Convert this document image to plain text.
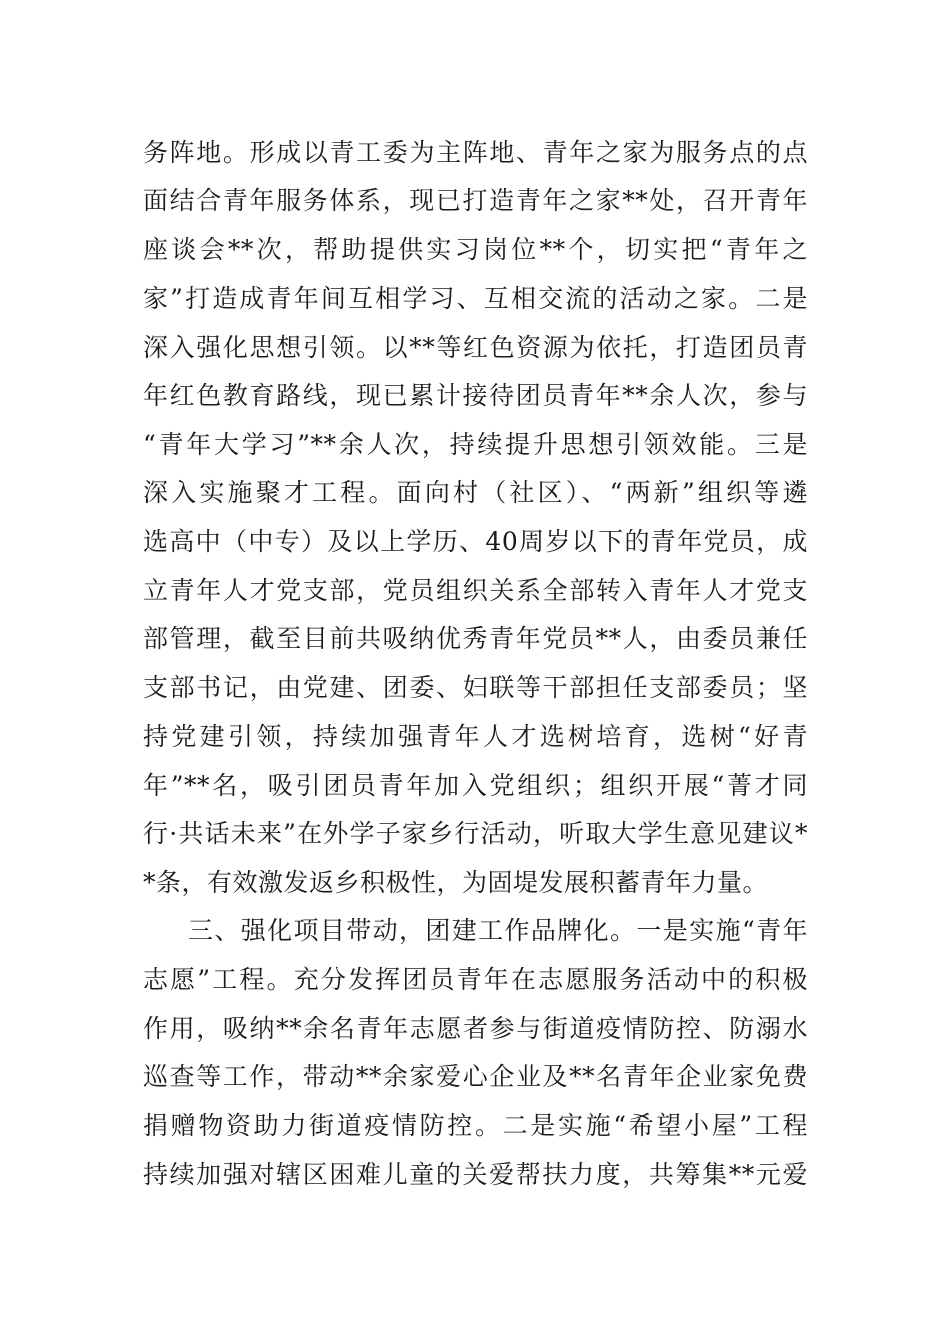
务阵地。形成以青工委为主阵地、青年之家为服务点的点
面结合青年服务体系，现已打造青年之家**处，召开青年
座谈会**次，帮助提供实习岗位**个，切实把“青年之
家”打造成青年间互相学习、互相交流的活动之家。二是
深入强化思想引领。以**等红色资源为依托，打造团员青
年红色教育路线，现已累计接待团员青年**余人次，参与
“青年大学习”**余人次，持续提升思想引领效能。三是
深入实施聚才工程。面向村（社区）、“两新”组织等遴
选高中（中专）及以上学历、40周岁以下的青年党员，成
立青年人才党支部，党员组织关系全部转入青年人才党支
部管理，截至目前共吸纳优秀青年党员**人，由委员兼任
支部书记，由党建、团委、妇联等干部担任支部委员；坚
持党建引领，持续加强青年人才选树培育，选树“好青
年”**名，吸引团员青年加入党组织；组织开展“菁才同
行·共话未来”在外学子家乡行活动，听取大学生意见建议*
*条，有效激发返乡积极性，为固堤发展积蓄青年力量。
三、强化项目带动，团建工作品牌化。一是实施“青年
志愿”工程。充分发挥团员青年在志愿服务活动中的积极
作用，吸纳**余名青年志愿者参与街道疫情防控、防溺水
巡查等工作，带动**余家爱心企业及**名青年企业家免费
捐赠物资助力街道疫情防控。二是实施“希望小屋”工程
持续加强对辖区困难儿童的关爱帮扶力度，共筹集**元爱
